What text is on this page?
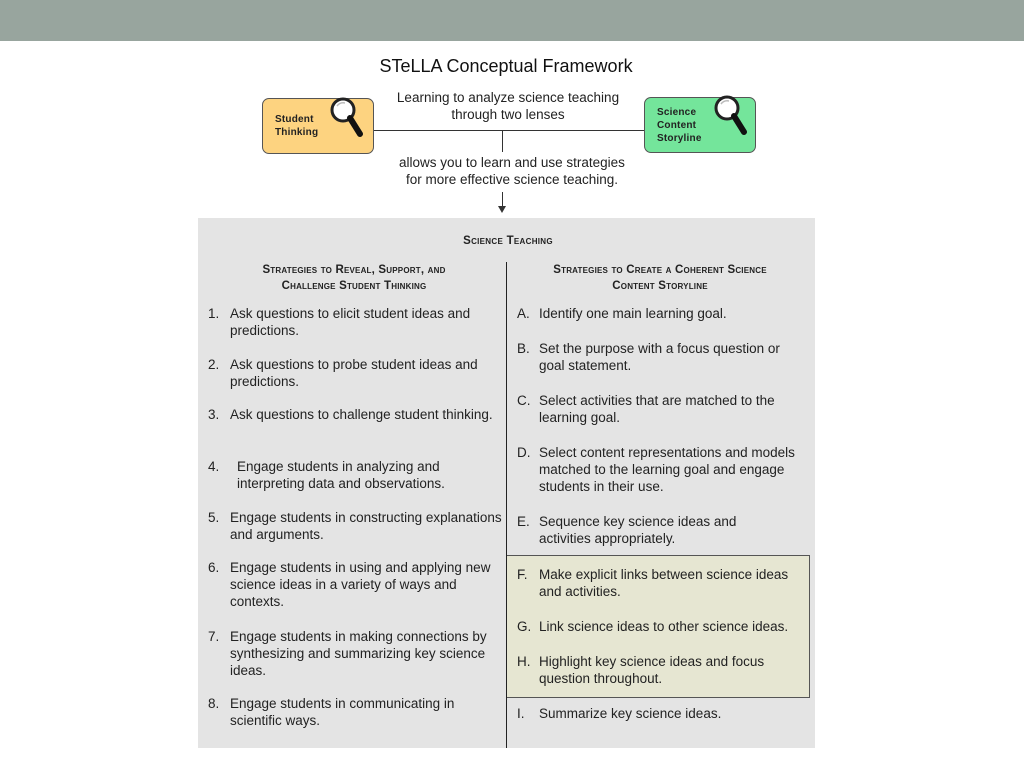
STeLLA Conceptual Framework
Student
Thinking
Science
Content
Storyline
Learning to analyze science teaching
through two lenses
allows you to learn and use strategies
for more effective science teaching.
Science Teaching
Strategies to Reveal, Support, and
Challenge Student Thinking
Strategies to Create a Coherent Science
Content Storyline
1. Ask questions to elicit student ideas and predictions.
2. Ask questions to probe student ideas and predictions.
3. Ask questions to challenge student thinking.
4. Engage students in analyzing and interpreting data and observations.
5. Engage students in constructing explanations and arguments.
6. Engage students in using and applying new science ideas in a variety of ways and contexts.
7. Engage students in making connections by synthesizing and summarizing key science ideas.
8. Engage students in communicating in scientific ways.
A. Identify one main learning goal.
B. Set the purpose with a focus question or goal statement.
C. Select activities that are matched to the learning goal.
D. Select content representations and models matched to the learning goal and engage students in their use.
E. Sequence key science ideas and activities appropriately.
F. Make explicit links between science ideas and activities.
G. Link science ideas to other science ideas.
H. Highlight key science ideas and focus question throughout.
I. Summarize key science ideas.
